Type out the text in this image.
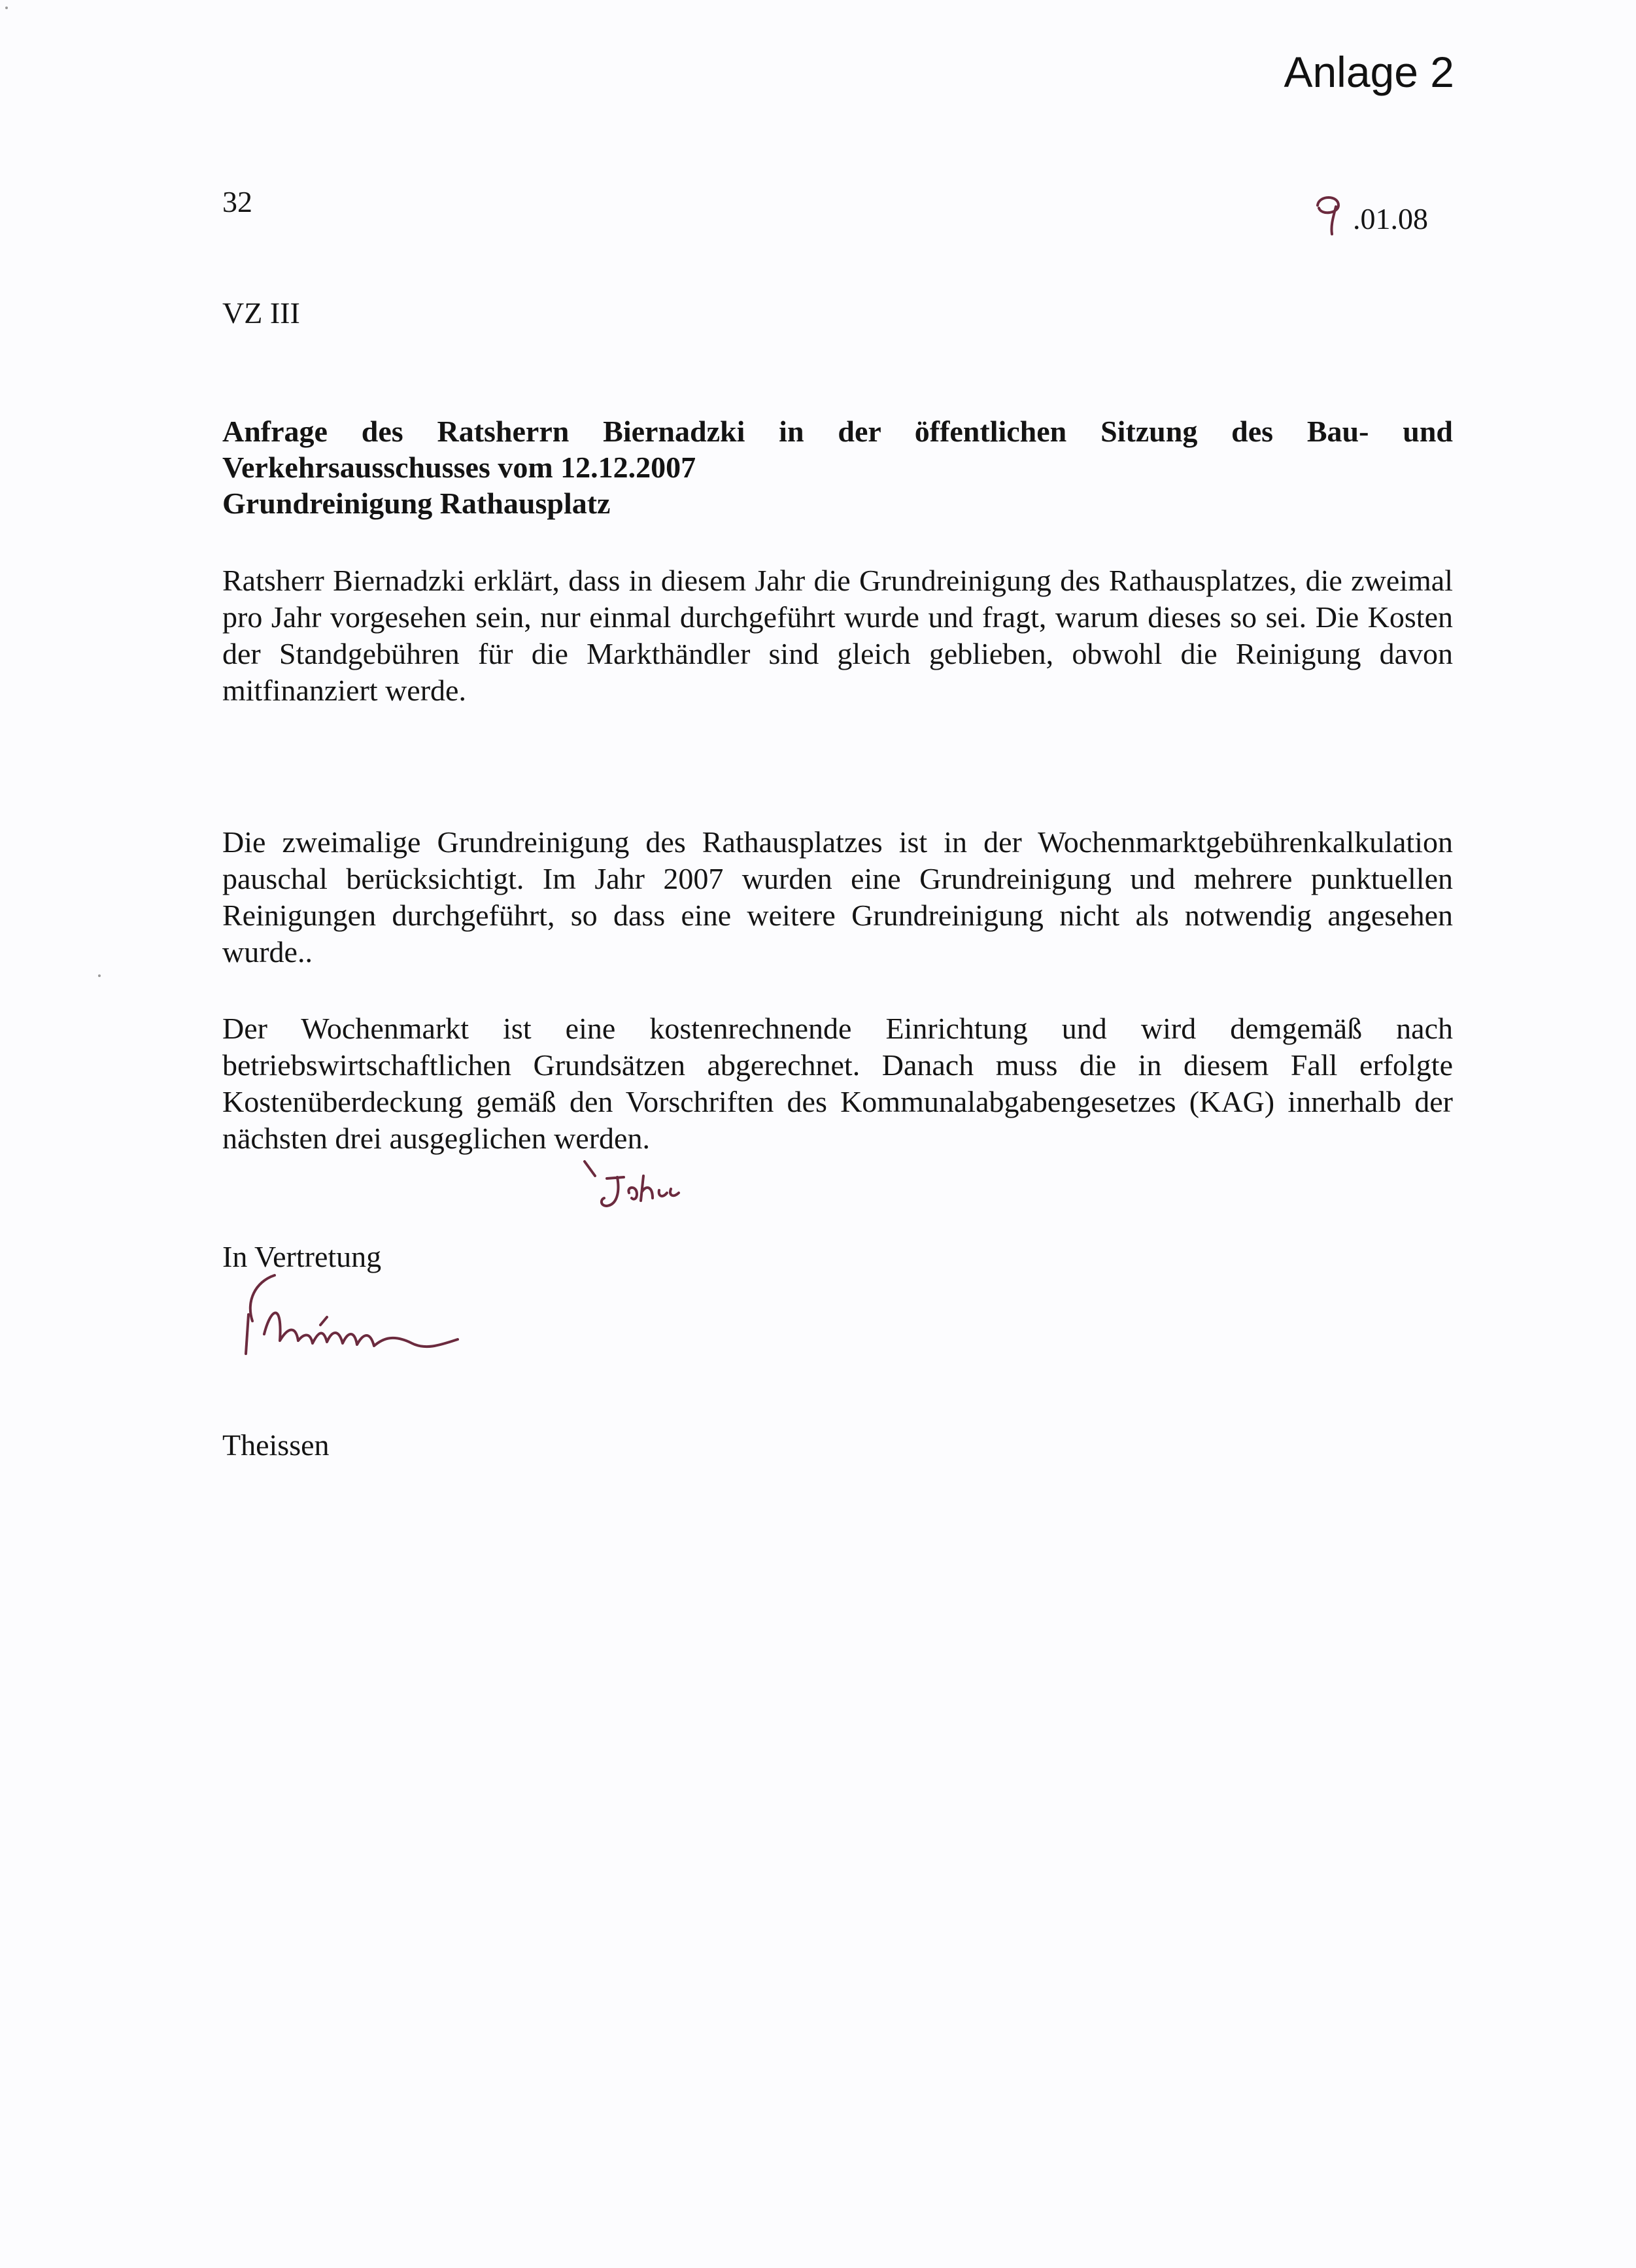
Anlage 2
32
.01.08
VZ III
Anfrage des Ratsherrn Biernadzki in der öffentlichen Sitzung des Bau- und Verkehrsausschusses vom 12.12.2007
Grundreinigung Rathausplatz
Ratsherr Biernadzki erklärt, dass in diesem Jahr die Grundreinigung des Rathausplatzes, die zweimal pro Jahr vorgesehen sein, nur einmal durchgeführt wurde und fragt, warum dieses so sei. Die Kosten der Standgebühren für die Markthändler sind gleich geblieben, obwohl die Reinigung davon mitfinanziert werde.
Die zweimalige Grundreinigung des Rathausplatzes ist in der Wochenmarktgebührenkalkulation pauschal berücksichtigt. Im Jahr 2007 wurden eine Grundreinigung und mehrere punktuellen Reinigungen durchgeführt, so dass eine weitere Grundreinigung nicht als notwendig angesehen wurde..
Der Wochenmarkt ist eine kostenrechnende Einrichtung und wird demgemäß nach betriebswirtschaftlichen Grundsätzen abgerechnet. Danach muss die in diesem Fall erfolgte Kostenüberdeckung gemäß den Vorschriften des Kommunalabgabengesetzes (KAG) innerhalb der nächsten drei ausgeglichen werden.
In Vertretung
Theissen
